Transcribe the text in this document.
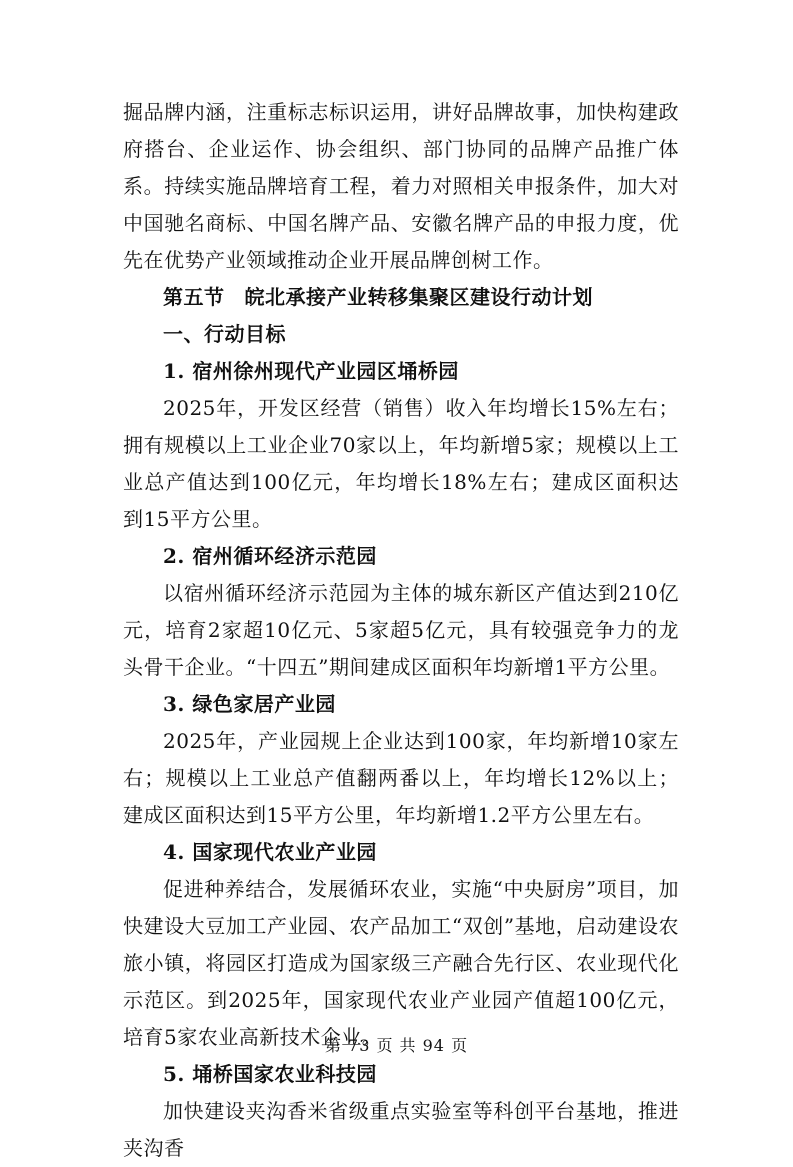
掘品牌内涵，注重标志标识运用，讲好品牌故事，加快构建政府搭台、企业运作、协会组织、部门协同的品牌产品推广体系。持续实施品牌培育工程，着力对照相关申报条件，加大对中国驰名商标、中国名牌产品、安徽名牌产品的申报力度，优先在优势产业领域推动企业开展品牌创树工作。

第五节 皖北承接产业转移集聚区建设行动计划
一、行动目标
1. 宿州徐州现代产业园区埇桥园

2025年，开发区经营（销售）收入年均增长15%左右；拥有规模以上工业企业70家以上，年均新增5家；规模以上工业总产值达到100亿元，年均增长18%左右；建成区面积达到15平方公里。

2. 宿州循环经济示范园

以宿州循环经济示范园为主体的城东新区产值达到210亿元，培育2家超10亿元、5家超5亿元，具有较强竞争力的龙头骨干企业。“十四五”期间建成区面积年均新增1平方公里。

3. 绿色家居产业园

2025年，产业园规上企业达到100家，年均新增10家左右；规模以上工业总产值翻两番以上，年均增长12%以上；建成区面积达到15平方公里，年均新增1.2平方公里左右。

4. 国家现代农业产业园

促进种养结合，发展循环农业，实施“中央厨房”项目，加快建设大豆加工产业园、农产品加工“双创”基地，启动建设农旅小镇，将园区打造成为国家级三产融合先行区、农业现代化示范区。到2025年，国家现代农业产业园产值超100亿元，培育5家农业高新技术企业。

5. 埇桥国家农业科技园

加快建设夹沟香米省级重点实验室等科创平台基地，推进夹沟香

第 73 页 共 94 页
